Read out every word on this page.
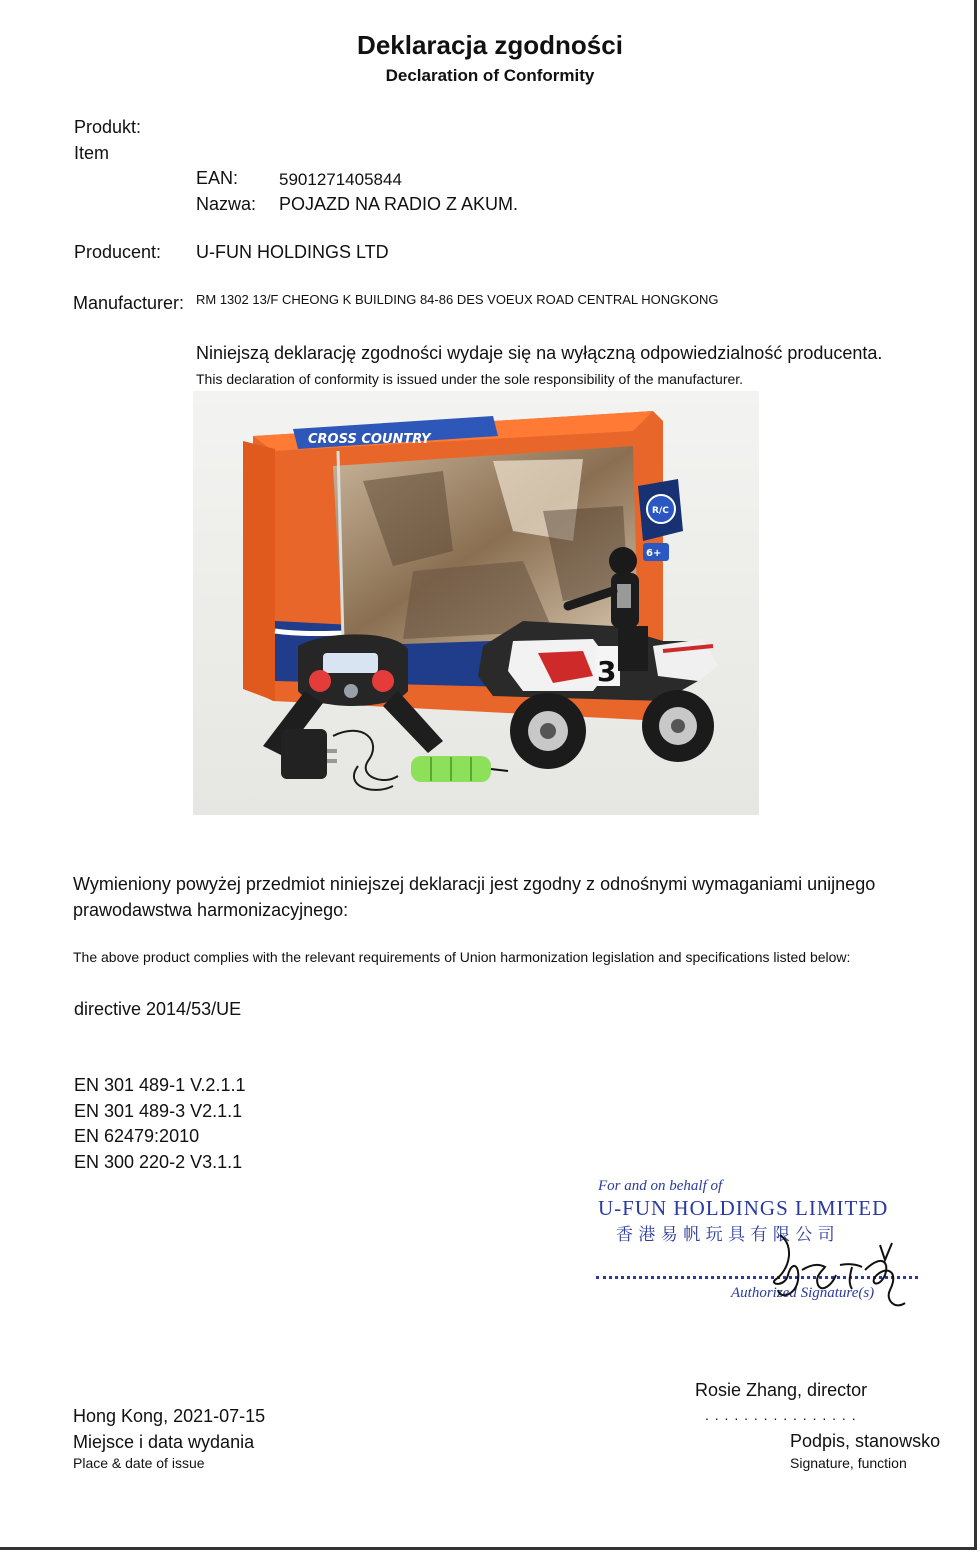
Deklaracja zgodności
Declaration of Conformity
Produkt:
Item
EAN: 5901271405844
Nazwa: POJAZD NA RADIO Z AKUM.
Producent: U-FUN HOLDINGS LTD
Manufacturer: RM 1302 13/F CHEONG K BUILDING 84-86 DES VOEUX ROAD CENTRAL HONGKONG
Niniejszą deklarację zgodności wydaje się na wyłączną odpowiedzialność producenta.
This declaration of conformity is issued under the sole responsibility of the manufacturer.
CROSS COUNTRY
R/C
6+
3
Wymieniony powyżej przedmiot niniejszej deklaracji jest zgodny z odnośnymi wymaganiami unijnego
prawodawstwa harmonizacyjnego:
The above product complies with the relevant requirements of Union harmonization legislation and specifications listed below:
directive 2014/53/UE
EN 301 489-1 V.2.1.1
EN 301 489-3 V2.1.1
EN 62479:2010
EN 300 220-2 V3.1.1
For and on behalf of
U-FUN HOLDINGS LIMITED
香 港 易 帆 玩 具 有 限 公 司
Authorized Signature(s)
Rosie Zhang, director
. . . . . . . . . . . . . . . .
Hong Kong, 2021-07-15
Miejsce i data wydania	Podpis, stanowsko
Place & date of issue	Signature, function
